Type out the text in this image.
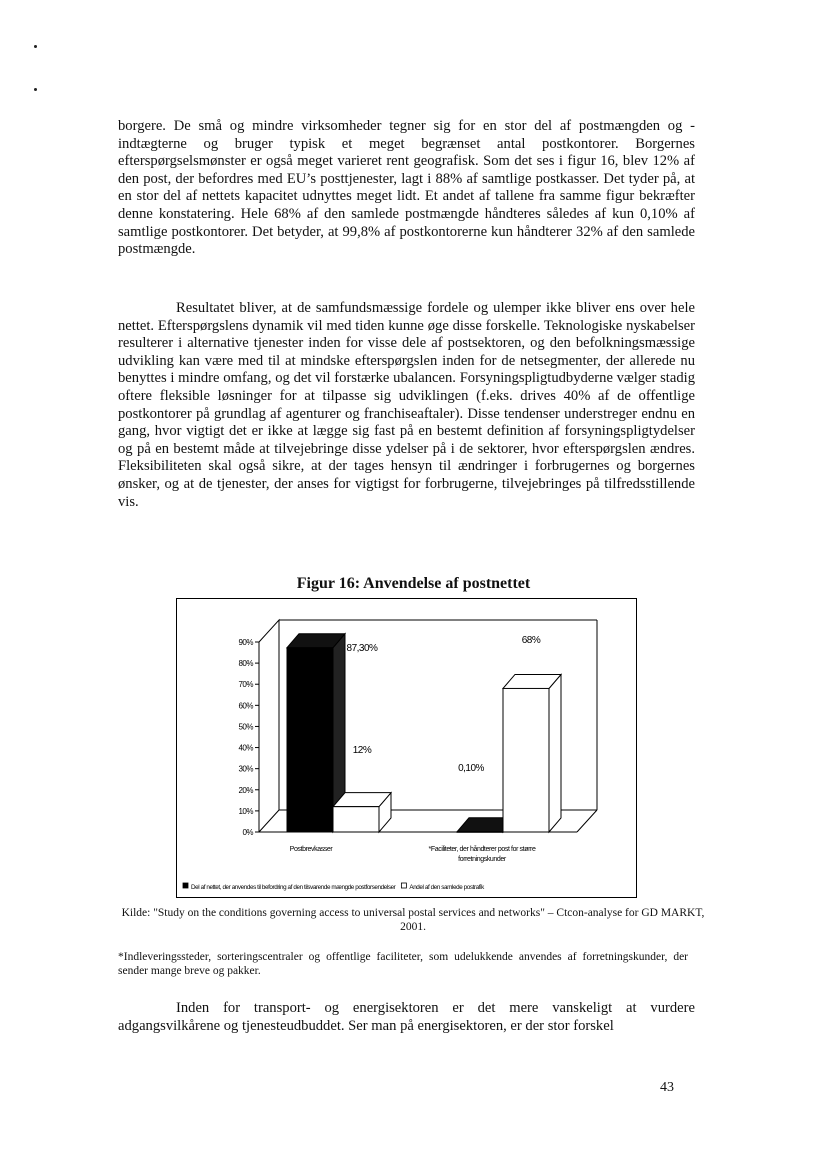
borgere. De små og mindre virksomheder tegner sig for en stor del af postmængden og -indtægterne og bruger typisk et meget begrænset antal postkontorer. Borgernes efterspørgselsmønster er også meget varieret rent geografisk. Som det ses i figur 16, blev 12% af den post, der befordres med EU’s posttjenester, lagt i 88% af samtlige postkasser. Det tyder på, at en stor del af nettets kapacitet udnyttes meget lidt. Et andet af tallene fra samme figur bekræfter denne konstatering. Hele 68% af den samlede postmængde håndteres således af kun 0,10% af samtlige postkontorer. Det betyder, at 99,8% af postkontorerne kun håndterer 32% af den samlede postmængde.

Resultatet bliver, at de samfundsmæssige fordele og ulemper ikke bliver ens over hele nettet. Efterspørgslens dynamik vil med tiden kunne øge disse forskelle. Teknologiske nyskabelser resulterer i alternative tjenester inden for visse dele af postsektoren, og den befolkningsmæssige udvikling kan være med til at mindske efterspørgslen inden for de netsegmenter, der allerede nu benyttes i mindre omfang, og det vil forstærke ubalancen. Forsyningspligtudbyderne vælger stadig oftere fleksible løsninger for at tilpasse sig udviklingen (f.eks. drives 40% af de offentlige postkontorer på grundlag af agenturer og franchiseaftaler). Disse tendenser understreger endnu en gang, hvor vigtigt det er ikke at lægge sig fast på en bestemt definition af forsyningspligtydelser og på en bestemt måde at tilvejebringe disse ydelser på i de sektorer, hvor efterspørgslen ændres. Fleksibiliteten skal også sikre, at der tages hensyn til ændringer i forbrugernes og borgernes ønsker, og at de tjenester, der anses for vigtigst for forbrugerne, tilvejebringes på tilfredsstillende vis.

Figur 16: Anvendelse af postnettet
0%
10%
20%
30%
40%
50%
60%
70%
80%
90%
87,30%
12%
0,10%
68%
Postbrevkasser	*Faciliteter, der håndterer post for større
forretningskunder
Del af nettet, der anvendes til befordring af den tilsvarende mængde postforsendelser Andel af den samlede postrafik

Kilde: "Study on the conditions governing access to universal postal services and networks" – Ctcon-analyse for GD MARKT, 2001.

*Indleveringssteder, sorteringscentraler og offentlige faciliteter, som udelukkende anvendes af forretningskunder, der sender mange breve og pakker.

Inden for transport- og energisektoren er det mere vanskeligt at vurdere adgangsvilkårene og tjenesteudbuddet. Ser man på energisektoren, er der stor forskel

43
